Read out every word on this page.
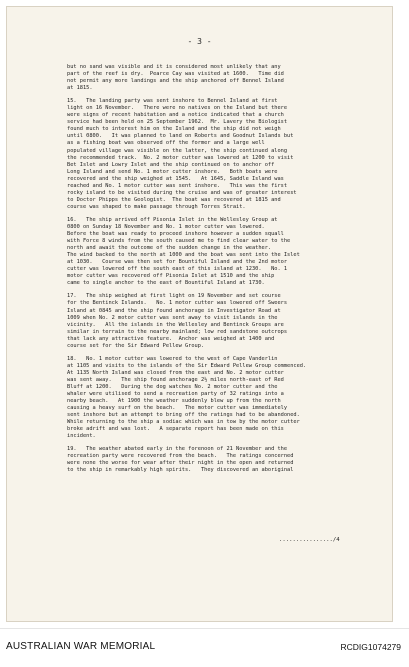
- 3 -
but no sand was visible and it is considered most unlikely that any
part of the reef is dry.  Pearce Cay was visited at 1600.   Time did
not permit any more landings and the ship anchored off Bennel Island
at 1815.
15.   The landing party was sent inshore to Bennel Island at first
light on 16 November.   There were no natives on the Island but there
were signs of recent habitation and a notice indicated that a church
service had been held on 25 September 1962.  Mr. Lavery the Biologist
found much to interest him on the Island and the ship did not weigh
until 0800.   It was planned to land on Roberts and Goodnut Islands but
as a fishing boat was observed off the former and a large well
populated village was visible on the latter, the ship continued along
the recommended track.  No. 2 motor cutter was lowered at 1200 to visit
Bet Islet and Lowry Islet and the ship continued on to anchor off
Long Island and send No. 1 motor cutter inshore.   Both boats were
recovered and the ship weighed at 1545.   At 1645, Saddle Island was
reached and No. 1 motor cutter was sent inshore.   This was the first
rocky island to be visited during the cruise and was of greater interest
to Doctor Phipps the Geologist.  The boat was recovered at 1815 and
course was shaped to make passage through Torres Strait.
16.   The ship arrived off Pisonia Islet in the Wellesley Group at
0800 on Sunday 18 November and No. 1 motor cutter was lowered.
Before the boat was ready to proceed inshore however a sudden squall
with Force 8 winds from the south caused me to find clear water to the
north and await the outcome of the sudden change in the weather.
The wind backed to the north at 1000 and the boat was sent into the Islet
at 1030.   Course was then set for Bountiful Island and the 2nd motor
cutter was lowered off the south east of this island at 1230.   No. 1
motor cutter was recovered off Pisonia Islet at 1510 and the ship
came to single anchor to the east of Bountiful Island at 1730.
17.   The ship weighed at first light on 19 November and set course
for the Bentinck Islands.   No. 1 motor cutter was lowered off Sweers
Island at 0845 and the ship found anchorage in Investigator Road at
1009 when No. 2 motor cutter was sent away to visit islands in the
vicinity.   All the islands in the Wellesley and Bentinck Groups are
similar in terrain to the nearby mainland; low red sandstone outcrops
that lack any attractive feature.  Anchor was weighed at 1400 and
course set for the Sir Edward Pellew Group.
18.   No. 1 motor cutter was lowered to the west of Cape Vanderlin
at 1105 and visits to the islands of the Sir Edward Pellew Group commenced.
At 1135 North Island was closed from the east and No. 2 motor cutter
was sent away.   The ship found anchorage 2½ miles north-east of Red
Bluff at 1200.   During the dog watches No. 2 motor cutter and the
whaler were utilised to send a recreation party of 32 ratings into a
nearby beach.   At 1900 the weather suddenly blew up from the north
causing a heavy surf on the beach.   The motor cutter was immediately
sent inshore but an attempt to bring off the ratings had to be abandoned.
While returning to the ship a sodiac which was in tow by the motor cutter
broke adrift and was lost.   A separate report has been made on this
incident.
19.   The weather abated early in the forenoon of 21 November and the
recreation party were recovered from the beach.   The ratings concerned
were none the worse for wear after their night in the open and returned
to the ship in remarkably high spirits.   They discovered an aboriginal
................/4
AUSTRALIAN WAR MEMORIAL	RCDIG1074279
